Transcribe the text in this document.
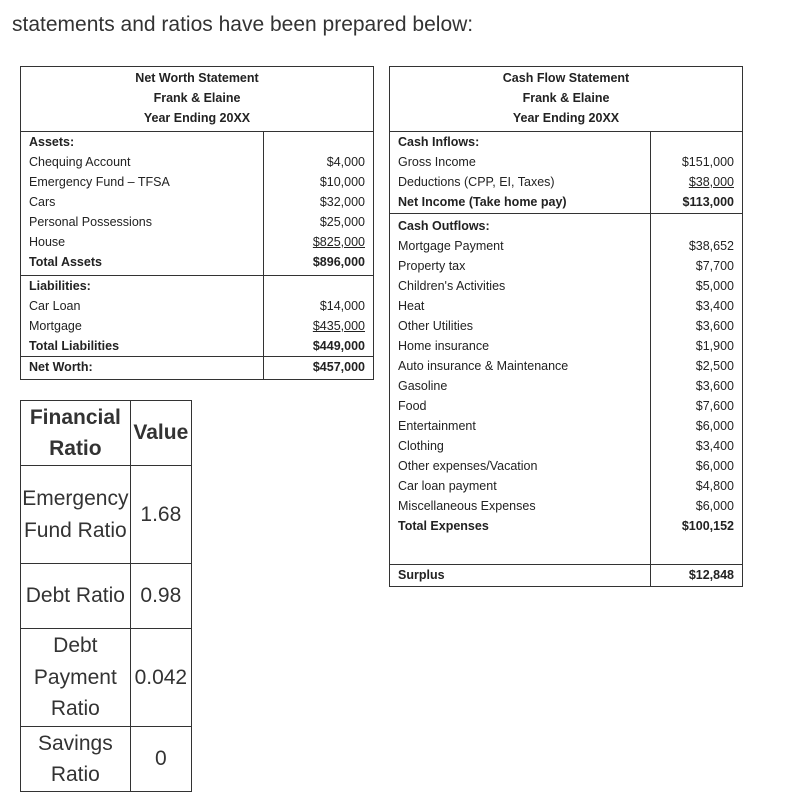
statements and ratios have been prepared below:
Net Worth Statement
Frank & Elaine
Year Ending 20XX
Assets:
Chequing Account	$4,000
Emergency Fund – TFSA	$10,000
Cars	$32,000
Personal Possessions	$25,000
House	$825,000
Total Assets	$896,000
Liabilities:
Car Loan	$14,000
Mortgage	$435,000
Total Liabilities	$449,000
Net Worth:	$457,000
Cash Flow Statement
Frank & Elaine
Year Ending 20XX
Cash Inflows:
Gross Income	$151,000
Deductions (CPP, EI, Taxes)	$38,000
Net Income (Take home pay)	$113,000
Cash Outflows:
Mortgage Payment	$38,652
Property tax	$7,700
Children's Activities	$5,000
Heat	$3,400
Other Utilities	$3,600
Home insurance	$1,900
Auto insurance & Maintenance	$2,500
Gasoline	$3,600
Food	$7,600
Entertainment	$6,000
Clothing	$3,400
Other expenses/Vacation	$6,000
Car loan payment	$4,800
Miscellaneous Expenses	$6,000
Total Expenses	$100,152
Surplus	$12,848
Financial Ratio	Value
Emergency Fund Ratio	1.68
Debt Ratio	0.98
Debt Payment Ratio	0.042
Savings Ratio	0
